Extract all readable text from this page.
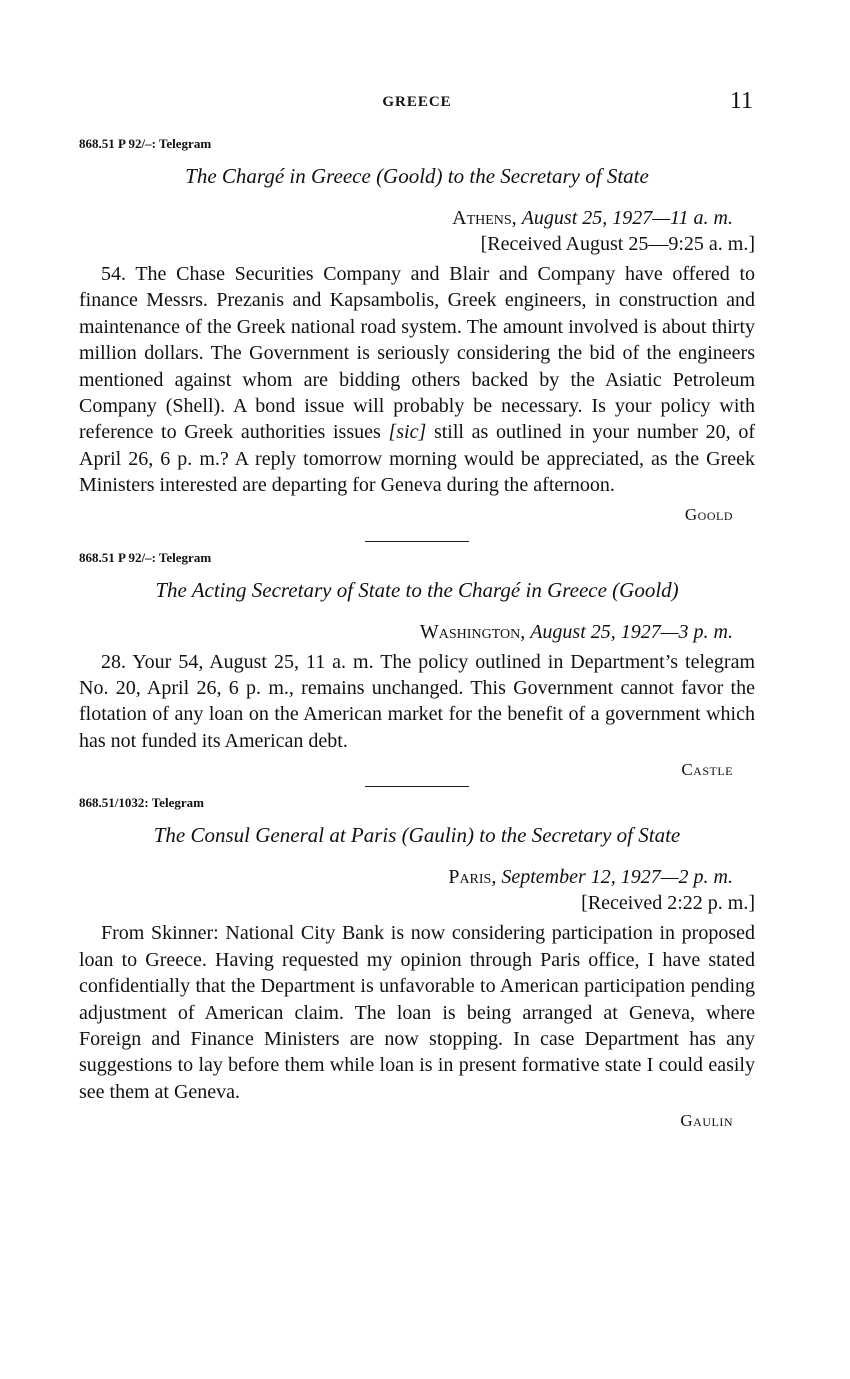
GREECE	11
868.51 P 92/–: Telegram
The Chargé in Greece (Goold) to the Secretary of State
Athens, August 25, 1927—11 a. m.
[Received August 25—9:25 a. m.]

54. The Chase Securities Company and Blair and Company have offered to finance Messrs. Prezanis and Kapsambolis, Greek engineers, in construction and maintenance of the Greek national road system. The amount involved is about thirty million dollars. The Government is seriously considering the bid of the engineers mentioned against whom are bidding others backed by the Asiatic Petroleum Company (Shell). A bond issue will probably be necessary. Is your policy with reference to Greek authorities issues [sic] still as outlined in your number 20, of April 26, 6 p. m.? A reply tomorrow morning would be appreciated, as the Greek Ministers interested are departing for Geneva during the afternoon.

Goold
868.51 P 92/–: Telegram
The Acting Secretary of State to the Chargé in Greece (Goold)
Washington, August 25, 1927—3 p. m.

28. Your 54, August 25, 11 a. m. The policy outlined in Department’s telegram No. 20, April 26, 6 p. m., remains unchanged. This Government cannot favor the flotation of any loan on the American market for the benefit of a government which has not funded its American debt.

Castle
868.51/1032: Telegram
The Consul General at Paris (Gaulin) to the Secretary of State
Paris, September 12, 1927—2 p. m.
[Received 2:22 p. m.]

From Skinner: National City Bank is now considering participation in proposed loan to Greece. Having requested my opinion through Paris office, I have stated confidentially that the Department is unfavorable to American participation pending adjustment of American claim. The loan is being arranged at Geneva, where Foreign and Finance Ministers are now stopping. In case Department has any suggestions to lay before them while loan is in present formative state I could easily see them at Geneva.

Gaulin
